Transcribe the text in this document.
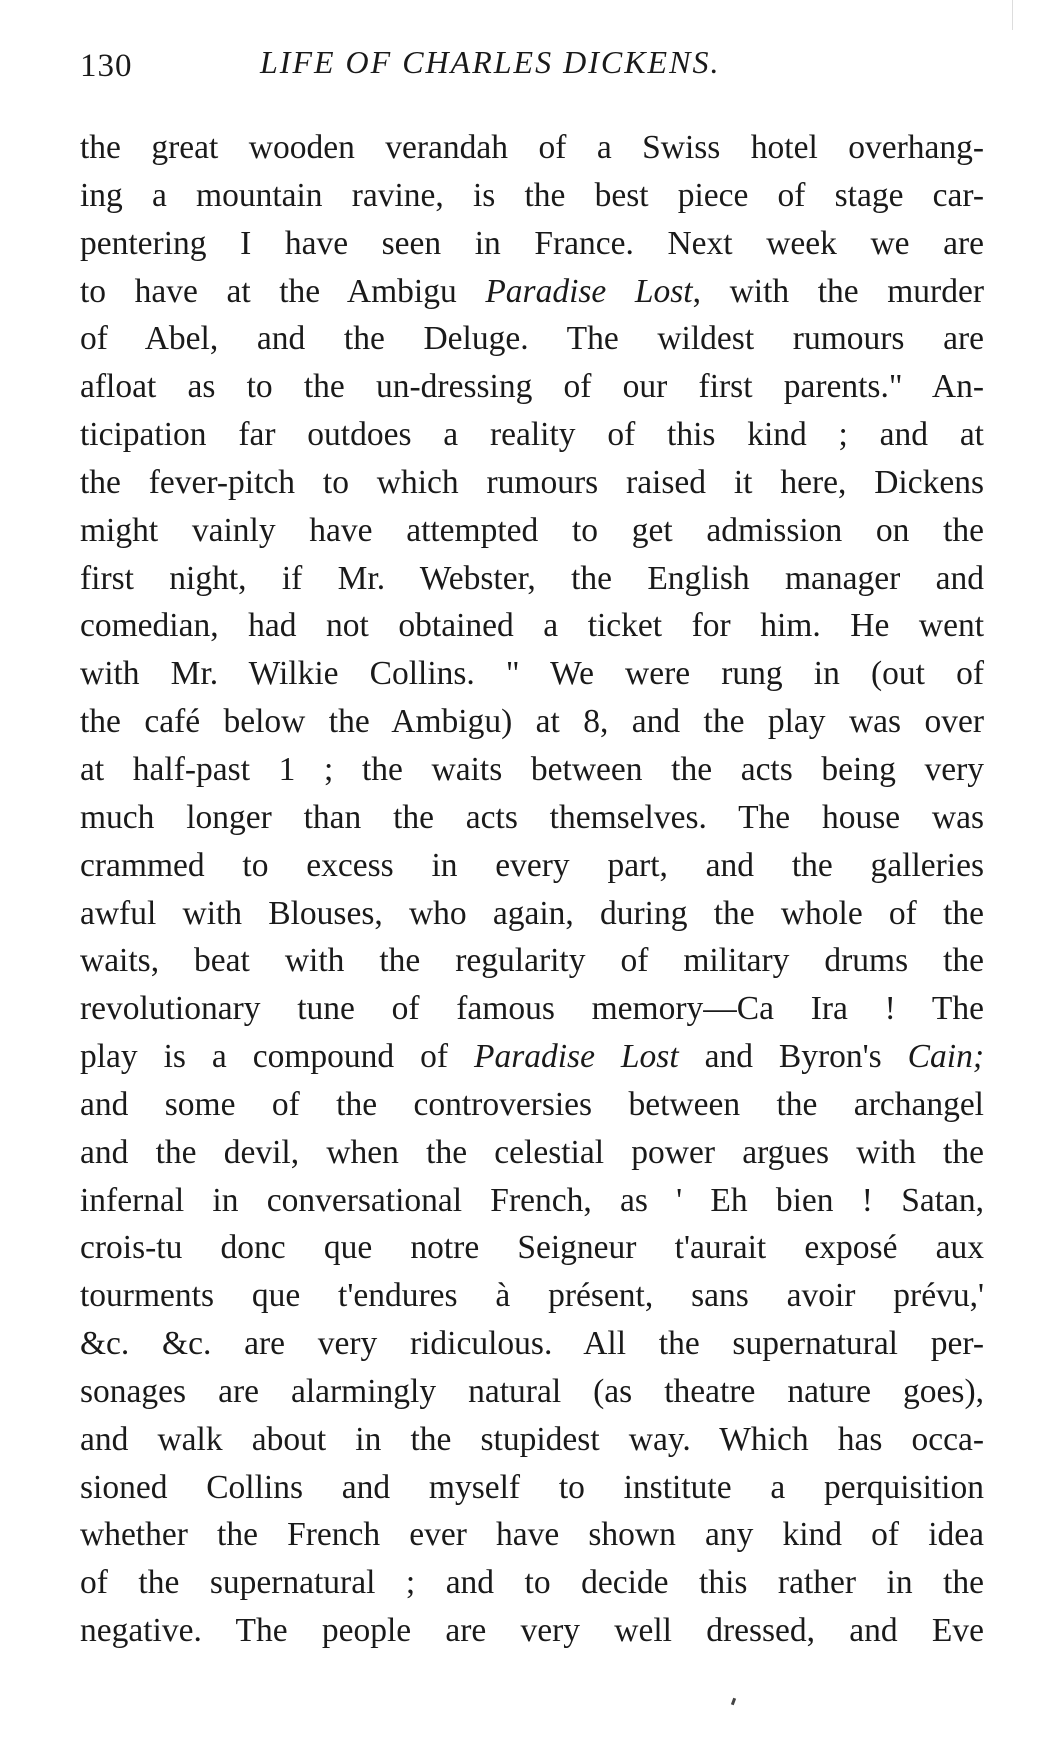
130	LIFE OF CHARLES DICKENS.
the great wooden verandah of a Swiss hotel overhang-
ing a mountain ravine, is the best piece of stage car-
pentering I have seen in France. Next week we are
to have at the Ambigu Paradise Lost, with the murder
of Abel, and the Deluge. The wildest rumours are
afloat as to the un-dressing of our first parents." An-
ticipation far outdoes a reality of this kind ; and at
the fever-pitch to which rumours raised it here, Dickens
might vainly have attempted to get admission on the
first night, if Mr. Webster, the English manager and
comedian, had not obtained a ticket for him. He went
with Mr. Wilkie Collins. " We were rung in (out of
the café below the Ambigu) at 8, and the play was over
at half-past 1 ; the waits between the acts being very
much longer than the acts themselves. The house was
crammed to excess in every part, and the galleries
awful with Blouses, who again, during the whole of the
waits, beat with the regularity of military drums the
revolutionary tune of famous memory—Ca Ira ! The
play is a compound of Paradise Lost and Byron's Cain;
and some of the controversies between the archangel
and the devil, when the celestial power argues with the
infernal in conversational French, as ' Eh bien ! Satan,
crois-tu donc que notre Seigneur t'aurait exposé aux
tourments que t'endures à présent, sans avoir prévu,'
&c. &c. are very ridiculous. All the supernatural per-
sonages are alarmingly natural (as theatre nature goes),
and walk about in the stupidest way. Which has occa-
sioned Collins and myself to institute a perquisition
whether the French ever have shown any kind of idea
of the supernatural ; and to decide this rather in the
negative. The people are very well dressed, and Eve
